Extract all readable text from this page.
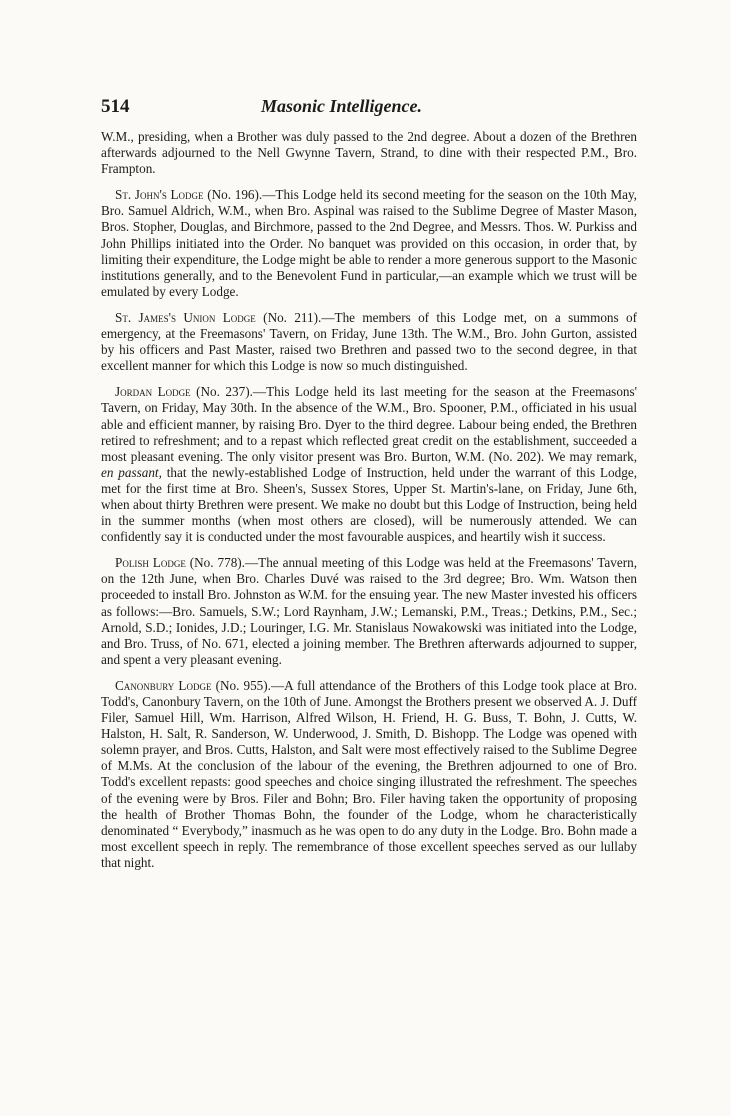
514	Masonic Intelligence.

W.M., presiding, when a Brother was duly passed to the 2nd degree. About a dozen of the Brethren afterwards adjourned to the Nell Gwynne Tavern, Strand, to dine with their respected P.M., Bro. Frampton.

St. John's Lodge (No. 196).—This Lodge held its second meeting for the season on the 10th May, Bro. Samuel Aldrich, W.M., when Bro. Aspinal was raised to the Sublime Degree of Master Mason, Bros. Stopher, Douglas, and Birchmore, passed to the 2nd Degree, and Messrs. Thos. W. Purkiss and John Phillips initiated into the Order. No banquet was provided on this occasion, in order that, by limiting their expenditure, the Lodge might be able to render a more generous support to the Masonic institutions generally, and to the Benevolent Fund in particular,—an example which we trust will be emulated by every Lodge.

St. James's Union Lodge (No. 211).—The members of this Lodge met, on a summons of emergency, at the Freemasons' Tavern, on Friday, June 13th. The W.M., Bro. John Gurton, assisted by his officers and Past Master, raised two Brethren and passed two to the second degree, in that excellent manner for which this Lodge is now so much distinguished.

Jordan Lodge (No. 237).—This Lodge held its last meeting for the season at the Freemasons' Tavern, on Friday, May 30th. In the absence of the W.M., Bro. Spooner, P.M., officiated in his usual able and efficient manner, by raising Bro. Dyer to the third degree. Labour being ended, the Brethren retired to refreshment; and to a repast which reflected great credit on the establishment, succeeded a most pleasant evening. The only visitor present was Bro. Burton, W.M. (No. 202). We may remark, en passant, that the newly-established Lodge of Instruction, held under the warrant of this Lodge, met for the first time at Bro. Sheen's, Sussex Stores, Upper St. Martin's-lane, on Friday, June 6th, when about thirty Brethren were present. We make no doubt but this Lodge of Instruction, being held in the summer months (when most others are closed), will be numerously attended. We can confidently say it is conducted under the most favourable auspices, and heartily wish it success.

Polish Lodge (No. 778).—The annual meeting of this Lodge was held at the Freemasons' Tavern, on the 12th June, when Bro. Charles Duvé was raised to the 3rd degree; Bro. Wm. Watson then proceeded to install Bro. Johnston as W.M. for the ensuing year. The new Master invested his officers as follows:—Bro. Samuels, S.W.; Lord Raynham, J.W.; Lemanski, P.M., Treas.; Detkins, P.M., Sec.; Arnold, S.D.; Ionides, J.D.; Louringer, I.G. Mr. Stanislaus Nowakowski was initiated into the Lodge, and Bro. Truss, of No. 671, elected a joining member. The Brethren afterwards adjourned to supper, and spent a very pleasant evening.

Canonbury Lodge (No. 955).—A full attendance of the Brothers of this Lodge took place at Bro. Todd's, Canonbury Tavern, on the 10th of June. Amongst the Brothers present we observed A. J. Duff Filer, Samuel Hill, Wm. Harrison, Alfred Wilson, H. Friend, H. G. Buss, T. Bohn, J. Cutts, W. Halston, H. Salt, R. Sanderson, W. Underwood, J. Smith, D. Bishopp. The Lodge was opened with solemn prayer, and Bros. Cutts, Halston, and Salt were most effectively raised to the Sublime Degree of M.Ms. At the conclusion of the labour of the evening, the Brethren adjourned to one of Bro. Todd's excellent repasts: good speeches and choice singing illustrated the refreshment. The speeches of the evening were by Bros. Filer and Bohn; Bro. Filer having taken the opportunity of proposing the health of Brother Thomas Bohn, the founder of the Lodge, whom he characteristically denominated “ Everybody,” inasmuch as he was open to do any duty in the Lodge. Bro. Bohn made a most excellent speech in reply. The remembrance of those excellent speeches served as our lullaby that night.
